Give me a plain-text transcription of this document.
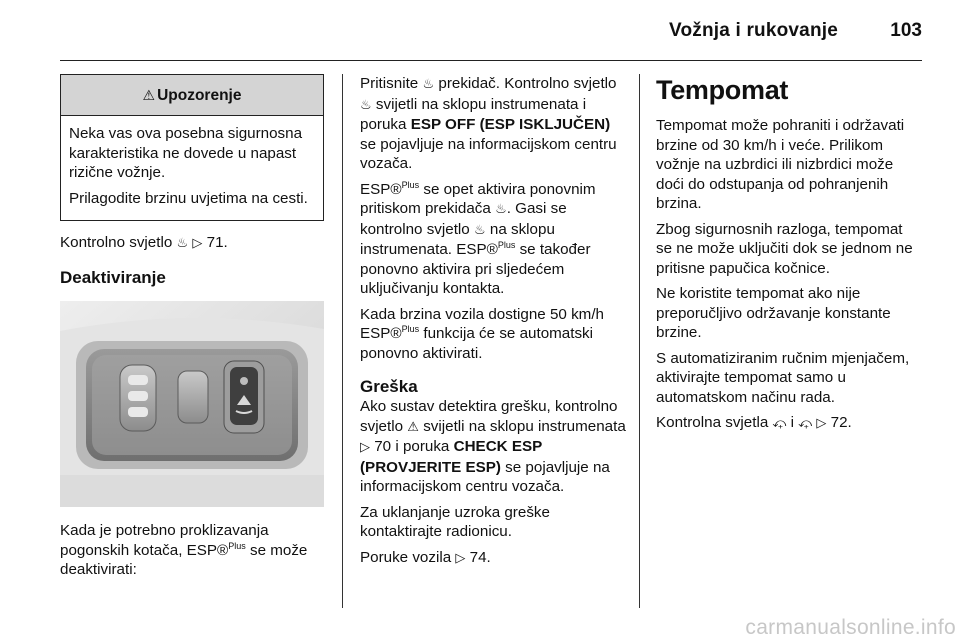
Vožnja i rukovanje	103
⚠ Upozorenje

Neka vas ova posebna sigurnosna karakteristika ne dovede u napast rizične vožnje.

Prilagodite brzinu uvjetima na cesti.

Kontrolno svjetlo ♨ ▷ 71.

Deaktiviranje

Kada je potrebno proklizavanja pogonskih kotača, ESP®$^{Plus}$ se može deaktivirati:

Pritisnite ♨ prekidač. Kontrolno svjetlo ♨ svijetli na sklopu instrumenata i poruka ESP OFF (ESP ISKLJUČEN) se pojavljuje na informacijskom centru vozača.

ESP®$^{Plus}$ se opet aktivira ponovnim pritiskom prekidača ♨. Gasi se kontrolno svjetlo ♨ na sklopu instrumenata. ESP®$^{Plus}$ se također ponovno aktivira pri sljedećem uključivanju kontakta.

Kada brzina vozila dostigne 50 km/h ESP®$^{Plus}$ funkcija će se automatski ponovno aktivirati.

Greška

Ako sustav detektira grešku, kontrolno svjetlo ⚠ svijetli na sklopu instrumenata ▷ 70 i poruka CHECK ESP (PROVJERITE ESP) se pojavljuje na informacijskom centru vozača.

Za uklanjanje uzroka greške kontaktirajte radionicu.

Poruke vozila ▷ 74.

Tempomat

Tempomat može pohraniti i održavati brzine od 30 km/h i veće. Prilikom vožnje na uzbrdici ili nizbrdici može doći do odstupanja od pohranjenih brzina.

Zbog sigurnosnih razloga, tempomat se ne može uključiti dok se jednom ne pritisne papučica kočnice.

Ne koristite tempomat ako nije preporučljivo održavanje konstante brzine.

S automatiziranim ručnim mjenjačem, aktivirajte tempomat samo u automatskom načinu rada.

Kontrolna svjetla ⤽ i ⤽ ▷ 72.

carmanualsonline.info
